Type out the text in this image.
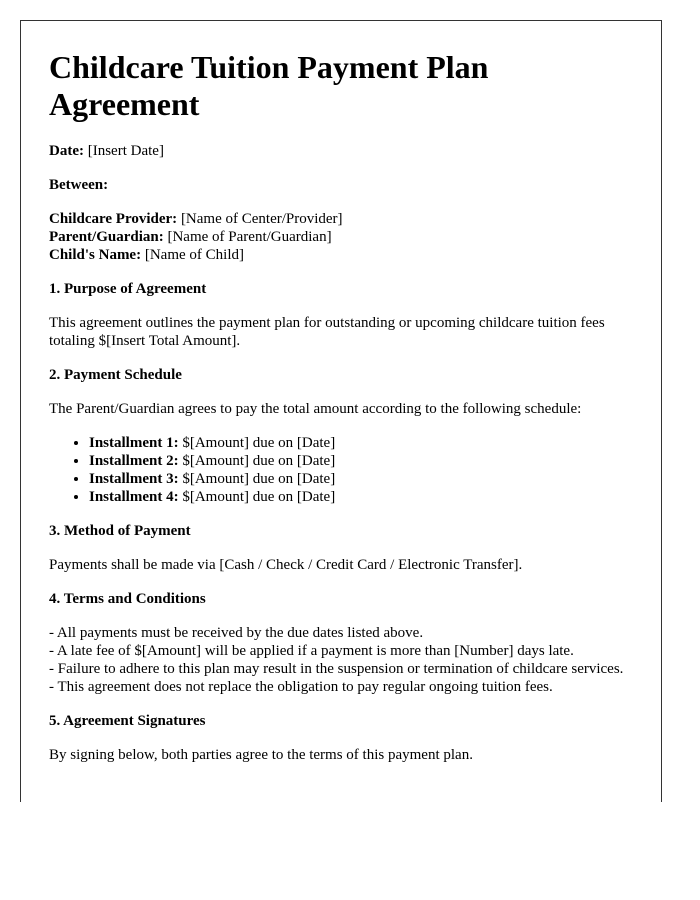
Childcare Tuition Payment Plan Agreement

Date: [Insert Date]

Between:

Childcare Provider: [Name of Center/Provider]
Parent/Guardian: [Name of Parent/Guardian]
Child's Name: [Name of Child]

1. Purpose of Agreement

This agreement outlines the payment plan for outstanding or upcoming childcare tuition fees totaling $[Insert Total Amount].

2. Payment Schedule

The Parent/Guardian agrees to pay the total amount according to the following schedule:

• Installment 1: $[Amount] due on [Date]
• Installment 2: $[Amount] due on [Date]
• Installment 3: $[Amount] due on [Date]
• Installment 4: $[Amount] due on [Date]

3. Method of Payment

Payments shall be made via [Cash / Check / Credit Card / Electronic Transfer].

4. Terms and Conditions

- All payments must be received by the due dates listed above.
- A late fee of $[Amount] will be applied if a payment is more than [Number] days late.
- Failure to adhere to this plan may result in the suspension or termination of childcare services.
- This agreement does not replace the obligation to pay regular ongoing tuition fees.

5. Agreement Signatures

By signing below, both parties agree to the terms of this payment plan.
